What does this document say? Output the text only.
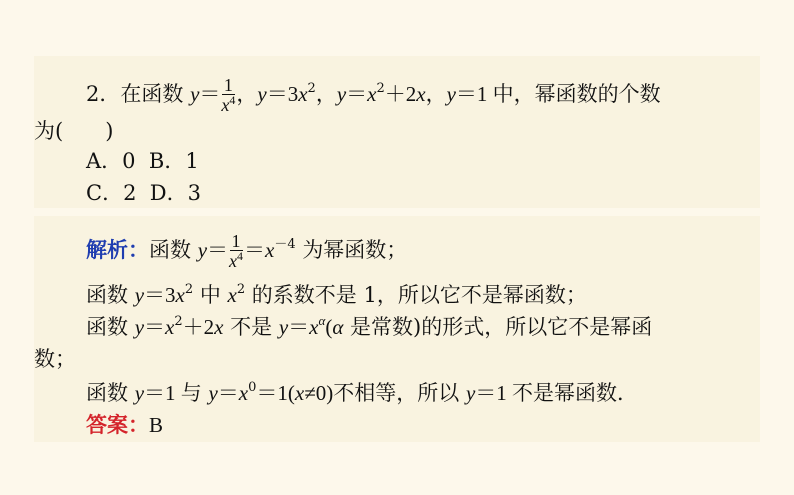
2．在函数 $y= \frac{1}{x^4}$ ，$y=3x^2$，$y=x^2+2x$，y＝1 中，幂函数的个数
为(　　)
A．0 B．1
C．2 D．3
解析：函数 $y= \frac{1}{x^4} =x^{-4}$ 为幂函数；
函数 $y=3x^2$ 中 $x^2$ 的系数不是 1，所以它不是幂函数；
函数 $y=x^2+2x$ 不是 $y=x^\alpha(\alpha$ 是常数)的形式，所以它不是幂函
数；
函数 y＝1 与 $y=x^0=1(x\ne 0)$不相等，所以 y＝1 不是幂函数．
答案：B
